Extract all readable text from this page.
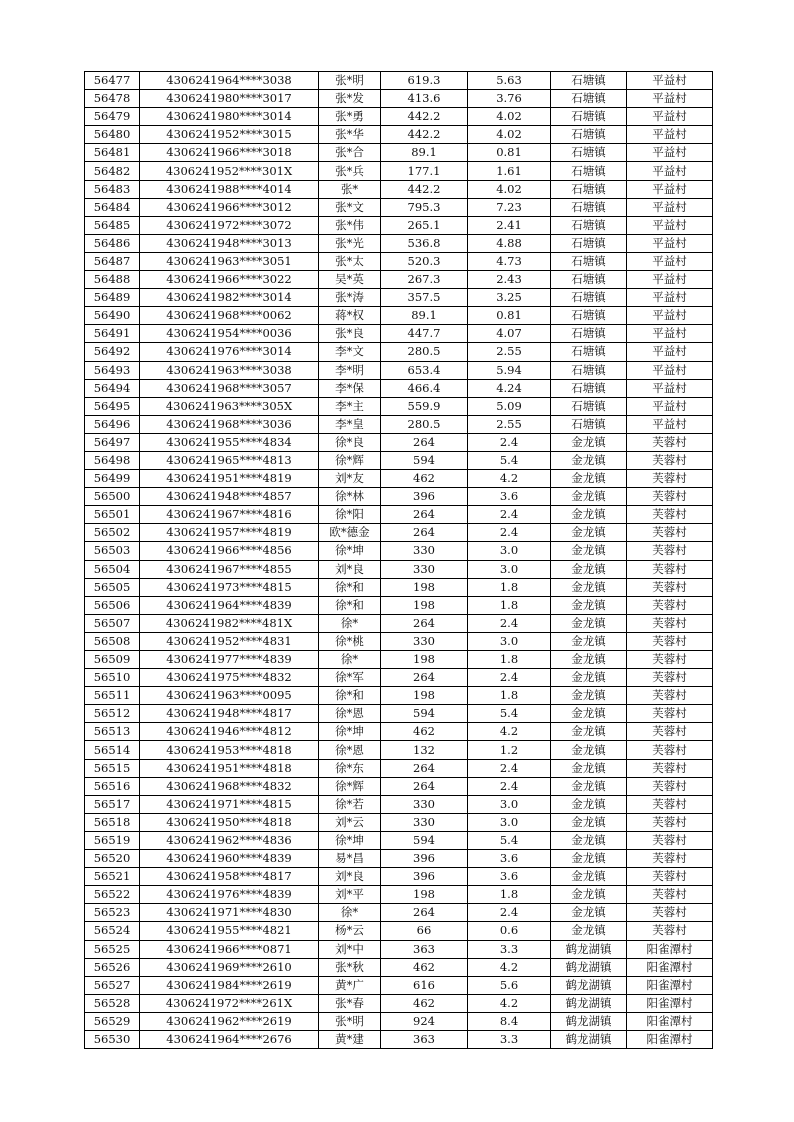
56477	4306241964****3038	张*明	619.3	5.63	石塘镇	平益村
56478	4306241980****3017	张*发	413.6	3.76	石塘镇	平益村
56479	4306241980****3014	张*勇	442.2	4.02	石塘镇	平益村
56480	4306241952****3015	张*华	442.2	4.02	石塘镇	平益村
56481	4306241966****3018	张*合	89.1	0.81	石塘镇	平益村
56482	4306241952****301X	张*兵	177.1	1.61	石塘镇	平益村
56483	4306241988****4014	张*	442.2	4.02	石塘镇	平益村
56484	4306241966****3012	张*文	795.3	7.23	石塘镇	平益村
56485	4306241972****3072	张*伟	265.1	2.41	石塘镇	平益村
56486	4306241948****3013	张*光	536.8	4.88	石塘镇	平益村
56487	4306241963****3051	张*太	520.3	4.73	石塘镇	平益村
56488	4306241966****3022	吴*英	267.3	2.43	石塘镇	平益村
56489	4306241982****3014	张*涛	357.5	3.25	石塘镇	平益村
56490	4306241968****0062	蒋*权	89.1	0.81	石塘镇	平益村
56491	4306241954****0036	张*良	447.7	4.07	石塘镇	平益村
56492	4306241976****3014	李*文	280.5	2.55	石塘镇	平益村
56493	4306241963****3038	李*明	653.4	5.94	石塘镇	平益村
56494	4306241968****3057	李*保	466.4	4.24	石塘镇	平益村
56495	4306241963****305X	李*主	559.9	5.09	石塘镇	平益村
56496	4306241968****3036	李*皇	280.5	2.55	石塘镇	平益村
56497	4306241955****4834	徐*良	264	2.4	金龙镇	芙蓉村
56498	4306241965****4813	徐*辉	594	5.4	金龙镇	芙蓉村
56499	4306241951****4819	刘*友	462	4.2	金龙镇	芙蓉村
56500	4306241948****4857	徐*林	396	3.6	金龙镇	芙蓉村
56501	4306241967****4816	徐*阳	264	2.4	金龙镇	芙蓉村
56502	4306241957****4819	欧*德金	264	2.4	金龙镇	芙蓉村
56503	4306241966****4856	徐*坤	330	3.0	金龙镇	芙蓉村
56504	4306241967****4855	刘*良	330	3.0	金龙镇	芙蓉村
56505	4306241973****4815	徐*和	198	1.8	金龙镇	芙蓉村
56506	4306241964****4839	徐*和	198	1.8	金龙镇	芙蓉村
56507	4306241982****481X	徐*	264	2.4	金龙镇	芙蓉村
56508	4306241952****4831	徐*桃	330	3.0	金龙镇	芙蓉村
56509	4306241977****4839	徐*	198	1.8	金龙镇	芙蓉村
56510	4306241975****4832	徐*军	264	2.4	金龙镇	芙蓉村
56511	4306241963****0095	徐*和	198	1.8	金龙镇	芙蓉村
56512	4306241948****4817	徐*恩	594	5.4	金龙镇	芙蓉村
56513	4306241946****4812	徐*坤	462	4.2	金龙镇	芙蓉村
56514	4306241953****4818	徐*恩	132	1.2	金龙镇	芙蓉村
56515	4306241951****4818	徐*东	264	2.4	金龙镇	芙蓉村
56516	4306241968****4832	徐*辉	264	2.4	金龙镇	芙蓉村
56517	4306241971****4815	徐*若	330	3.0	金龙镇	芙蓉村
56518	4306241950****4818	刘*云	330	3.0	金龙镇	芙蓉村
56519	4306241962****4836	徐*坤	594	5.4	金龙镇	芙蓉村
56520	4306241960****4839	易*昌	396	3.6	金龙镇	芙蓉村
56521	4306241958****4817	刘*良	396	3.6	金龙镇	芙蓉村
56522	4306241976****4839	刘*平	198	1.8	金龙镇	芙蓉村
56523	4306241971****4830	徐*	264	2.4	金龙镇	芙蓉村
56524	4306241955****4821	杨*云	66	0.6	金龙镇	芙蓉村
56525	4306241966****0871	刘*中	363	3.3	鹤龙湖镇	阳雀潭村
56526	4306241969****2610	张*秋	462	4.2	鹤龙湖镇	阳雀潭村
56527	4306241984****2619	黄*广	616	5.6	鹤龙湖镇	阳雀潭村
56528	4306241972****261X	张*春	462	4.2	鹤龙湖镇	阳雀潭村
56529	4306241962****2619	张*明	924	8.4	鹤龙湖镇	阳雀潭村
56530	4306241964****2676	黄*建	363	3.3	鹤龙湖镇	阳雀潭村
